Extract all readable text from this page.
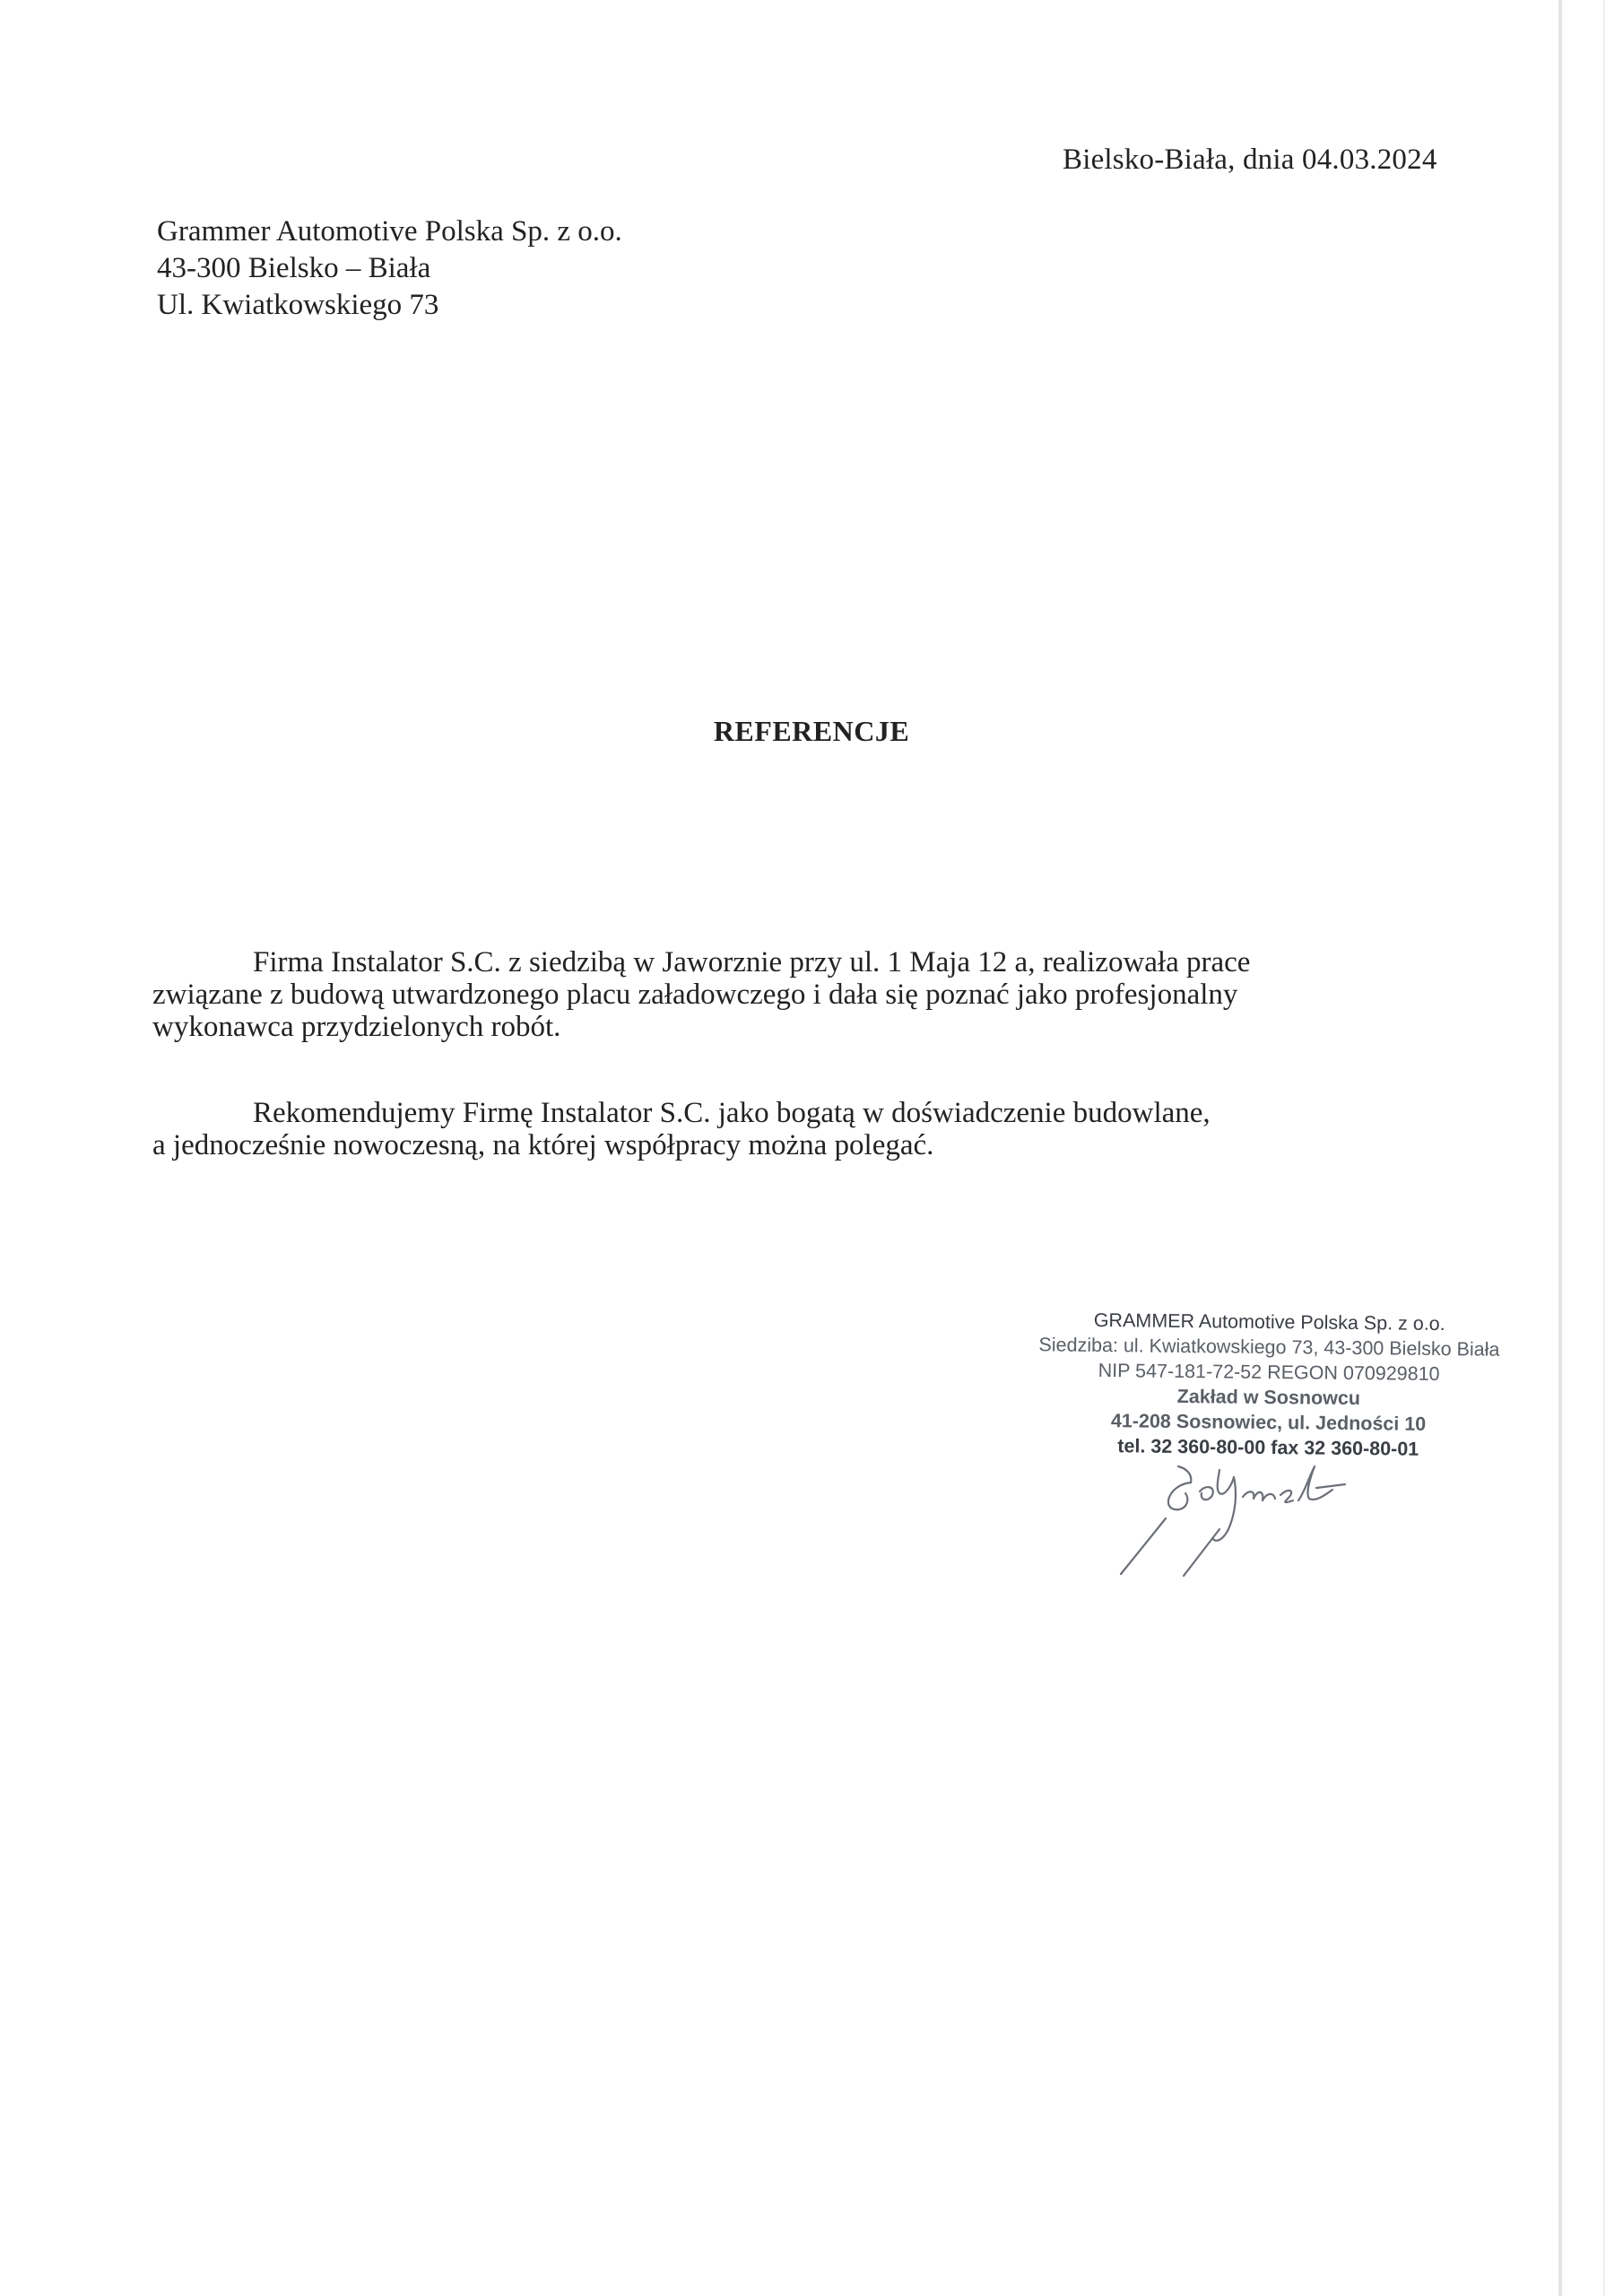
Bielsko-Biała, dnia 04.03.2024
Grammer Automotive Polska Sp. z o.o.
43-300 Bielsko – Biała
Ul. Kwiatkowskiego 73
REFERENCJE
Firma Instalator S.C. z siedzibą w Jaworznie przy ul. 1 Maja 12 a, realizowała prace
związane z budową utwardzonego placu załadowczego i dała się poznać jako profesjonalny
wykonawca przydzielonych robót.
Rekomendujemy Firmę Instalator S.C. jako bogatą w doświadczenie budowlane,
a jednocześnie nowoczesną, na której współpracy można polegać.
GRAMMER Automotive Polska Sp. z o.o.
Siedziba: ul. Kwiatkowskiego 73, 43-300 Bielsko Biała
NIP 547-181-72-52 REGON 070929810
Zakład w Sosnowcu
41-208 Sosnowiec, ul. Jedności 10
tel. 32 360-80-00 fax 32 360-80-01
